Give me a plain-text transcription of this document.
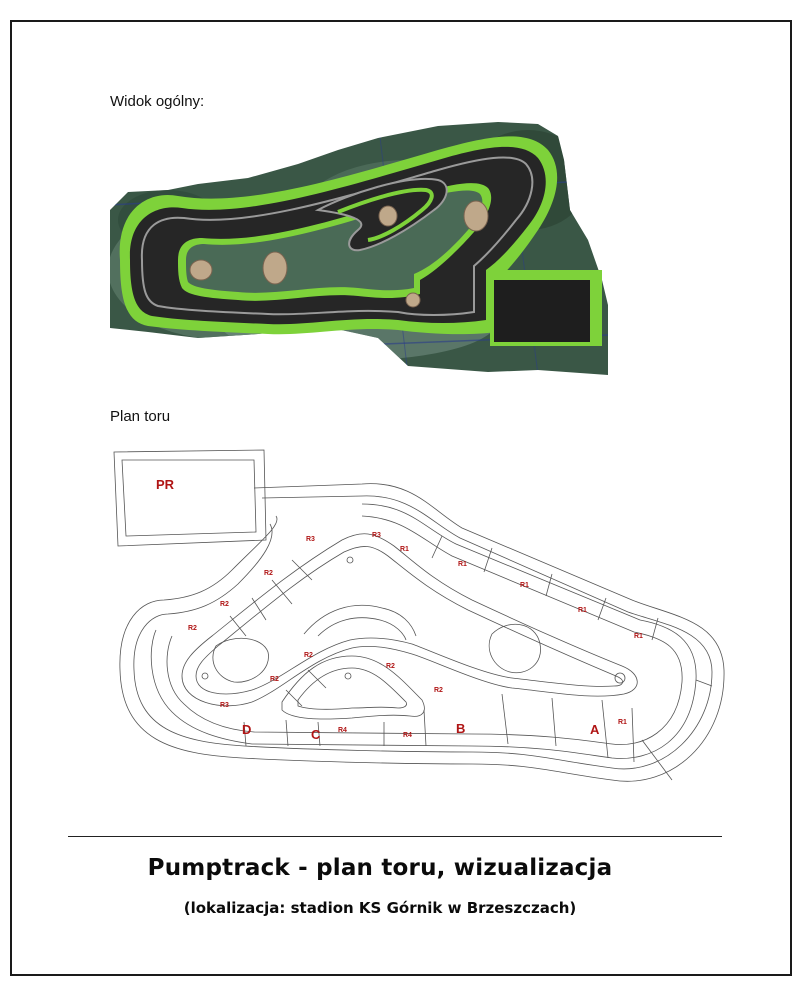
Widok ogólny:
Plan toru
PR
R3
R3
R1
R1
R1
R1
R1
R1
R2
R2
R2
R3
R2
R2
R2
R2
R4
R4
D	C	B	A
Pumptrack - plan toru, wizualizacja
(lokalizacja: stadion KS Górnik w Brzeszczach)
